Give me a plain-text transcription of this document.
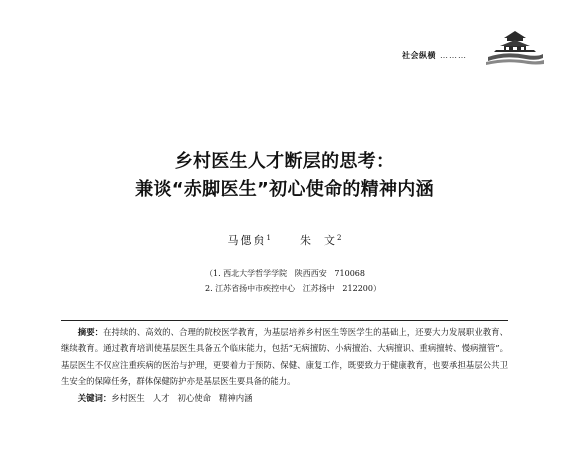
社会纵横 ………
乡村医生人才断层的思考：
兼谈“赤脚医生”初心使命的精神内涵
马偲贠$^1$	朱  文$^2$
（1. 西北大学哲学学院   陕西西安   710068
2. 江苏省扬中市疾控中心   江苏扬中   212200）

摘要：在持续的、高效的、合理的院校医学教育，为基层培养乡村医生等医学生的基础上，还要大力发展职业教育、继续教育。通过教育培训使基层医生具备五个临床能力，包括“无病擅防、小病擅治、大病擅识、重病擅转、慢病擅管”。基层医生不仅应注重疾病的医治与护理，更要着力于预防、保健、康复工作，既要致力于健康教育，也要承担基层公共卫生安全的保障任务，群体保健防护亦是基层医生要具备的能力。

关键词：乡村医生 人才 初心使命 精神内涵
